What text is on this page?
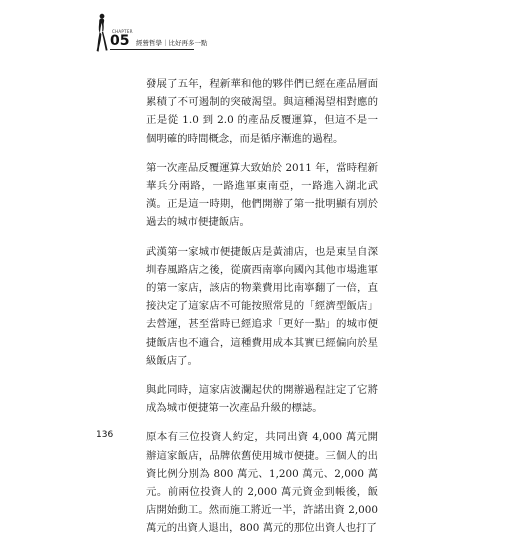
CHAPTER
05 經營哲學｜比好再多一點

發展了五年，程新華和他的夥伴們已經在產品層面累積了不可遏制的突破渴望。與這種渴望相對應的正是從 1.0 到 2.0 的產品反覆運算，但這不是一個明確的時間概念，而是循序漸進的過程。

第一次產品反覆運算大致始於 2011 年，當時程新華兵分兩路，一路進軍東南亞，一路進入湖北武漢。正是這一時期，他們開辦了第一批明顯有別於過去的城市便捷飯店。

武漢第一家城市便捷飯店是黃浦店，也是東呈自深圳春風路店之後，從廣西南寧向國內其他市場進軍的第一家店，該店的物業費用比南寧翻了一倍，直接決定了這家店不可能按照常見的「經濟型飯店」去營運，甚至當時已經追求「更好一點」的城市便捷飯店也不適合，這種費用成本其實已經偏向於星級飯店了。

與此同時，這家店波瀾起伏的開辦過程註定了它將成為城市便捷第一次產品升級的標誌。

原本有三位投資人約定，共同出資 4,000 萬元開辦這家飯店，品牌依舊使用城市便捷。三個人的出資比例分別為 800 萬元、1,200 萬元、2,000 萬元。前兩位投資人的 2,000 萬元資金到帳後，飯店開始動工。然而施工將近一半，許諾出資 2,000 萬元的出資人退出，800 萬元的那位出資人也打了

136
